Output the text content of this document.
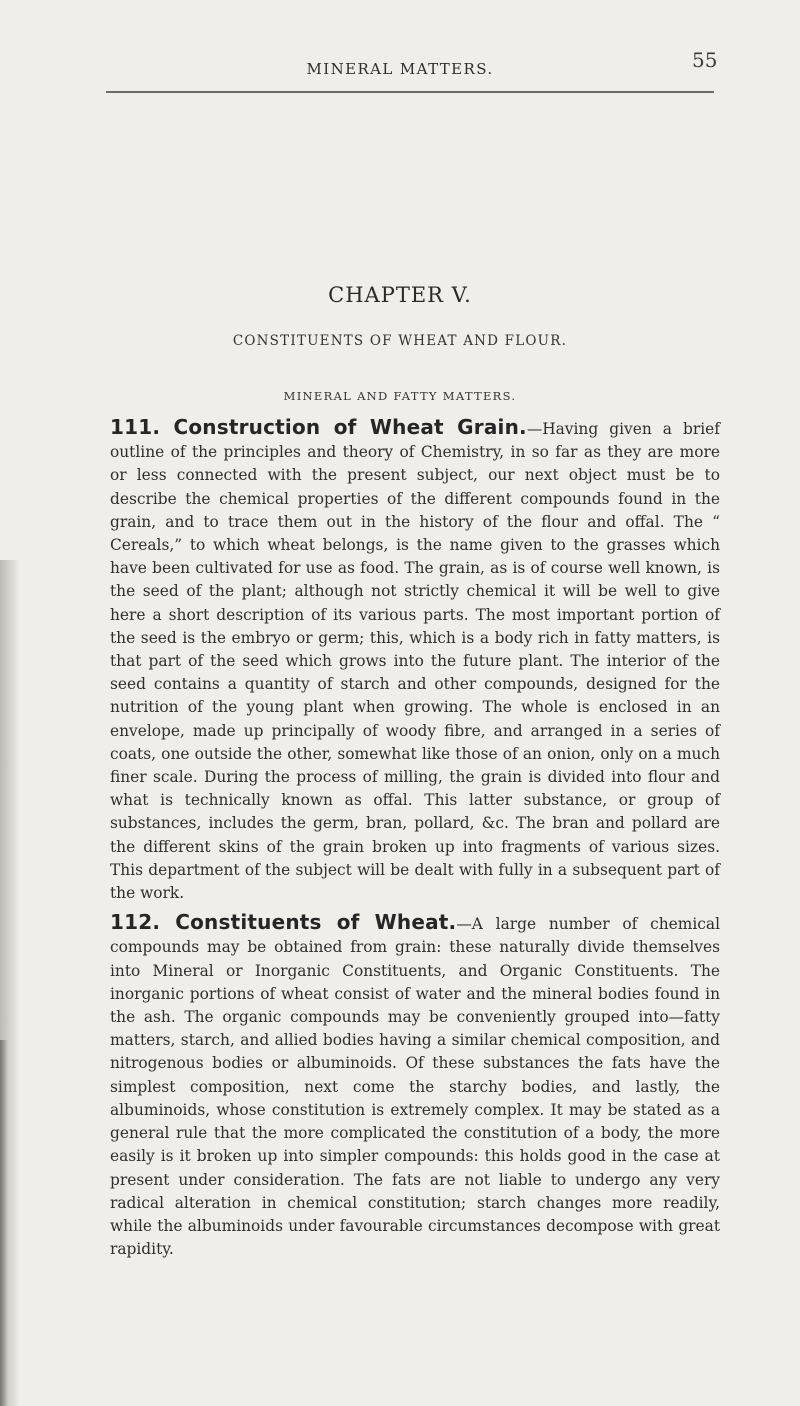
MINERAL MATTERS.	55
CHAPTER V.
CONSTITUENTS OF WHEAT AND FLOUR.
MINERAL AND FATTY MATTERS.

111. Construction of Wheat Grain.—Having given a brief outline of the principles and theory of Chemistry, in so far as they are more or less connected with the present subject, our next object must be to describe the chemical properties of the different compounds found in the grain, and to trace them out in the history of the flour and offal. The “ Cereals,” to which wheat belongs, is the name given to the grasses which have been cultivated for use as food. The grain, as is of course well known, is the seed of the plant; although not strictly chemical it will be well to give here a short description of its various parts. The most important portion of the seed is the embryo or germ; this, which is a body rich in fatty matters, is that part of the seed which grows into the future plant. The interior of the seed contains a quantity of starch and other compounds, designed for the nutrition of the young plant when growing. The whole is enclosed in an envelope, made up principally of woody fibre, and arranged in a series of coats, one outside the other, somewhat like those of an onion, only on a much finer scale. During the process of milling, the grain is divided into flour and what is technically known as offal. This latter substance, or group of substances, includes the germ, bran, pollard, &c. The bran and pollard are the different skins of the grain broken up into fragments of various sizes. This department of the subject will be dealt with fully in a subsequent part of the work.

112. Constituents of Wheat.—A large number of chemical compounds may be obtained from grain: these naturally divide themselves into Mineral or Inorganic Constituents, and Organic Constituents. The inorganic portions of wheat consist of water and the mineral bodies found in the ash. The organic compounds may be conveniently grouped into—fatty matters, starch, and allied bodies having a similar chemical composition, and nitrogenous bodies or albuminoids. Of these substances the fats have the simplest composition, next come the starchy bodies, and lastly, the albuminoids, whose constitution is extremely complex. It may be stated as a general rule that the more complicated the constitution of a body, the more easily is it broken up into simpler compounds: this holds good in the case at present under consideration. The fats are not liable to undergo any very radical alteration in chemical constitution; starch changes more readily, while the albuminoids under favourable circumstances decompose with great rapidity.
